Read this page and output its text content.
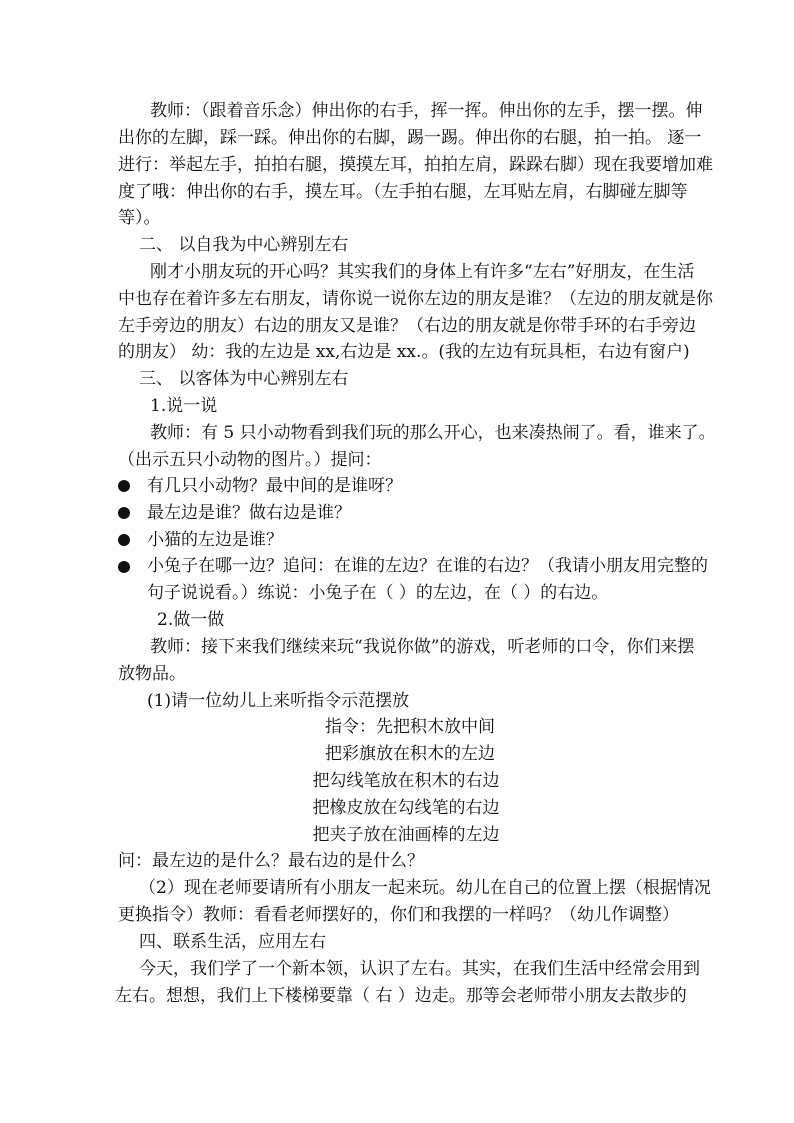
教师：（跟着音乐念）伸出你的右手，挥一挥。伸出你的左手，摆一摆。伸
出你的左脚，踩一踩。伸出你的右脚，踢一踢。伸出你的右腿，拍一拍。 逐一
进行：举起左手，拍拍右腿，摸摸左耳，拍拍左肩，跺跺右脚）现在我要增加难
度了哦：伸出你的右手，摸左耳。（左手拍右腿，左耳贴左肩，右脚碰左脚等
等）。
二、 以自我为中心辨别左右
刚才小朋友玩的开心吗？其实我们的身体上有许多“左右”好朋友，在生活
中也存在着许多左右朋友，请你说一说你左边的朋友是谁？（左边的朋友就是你
左手旁边的朋友）右边的朋友又是谁？（右边的朋友就是你带手环的右手旁边
的朋友） 幼：我的左边是 xx,右边是 xx.。(我的左边有玩具柜，右边有窗户)
三、 以客体为中心辨别左右
1.说一说
教师：有 5 只小动物看到我们玩的那么开心，也来凑热闹了。看，谁来了。
（出示五只小动物的图片。）提问：
有几只小动物？最中间的是谁呀？
最左边是谁？做右边是谁？
小猫的左边是谁？
小兔子在哪一边？追问：在谁的左边？在谁的右边？（我请小朋友用完整的
句子说说看。）练说：小兔子在（ ）的左边，在（ ）的右边。
2.做一做
教师：接下来我们继续来玩“我说你做”的游戏，听老师的口令，你们来摆
放物品。
(1)请一位幼儿上来听指令示范摆放
指令：先把积木放中间
把彩旗放在积木的左边
把勾线笔放在积木的右边
把橡皮放在勾线笔的右边
把夹子放在油画棒的左边
问：最左边的是什么？最右边的是什么？
（2）现在老师要请所有小朋友一起来玩。幼儿在自己的位置上摆（根据情况
更换指令）教师：看看老师摆好的，你们和我摆的一样吗？（幼儿作调整）
四、联系生活，应用左右
今天，我们学了一个新本领，认识了左右。其实，在我们生活中经常会用到
左右。想想，我们上下楼梯要靠（ 右 ）边走。那等会老师带小朋友去散步的
